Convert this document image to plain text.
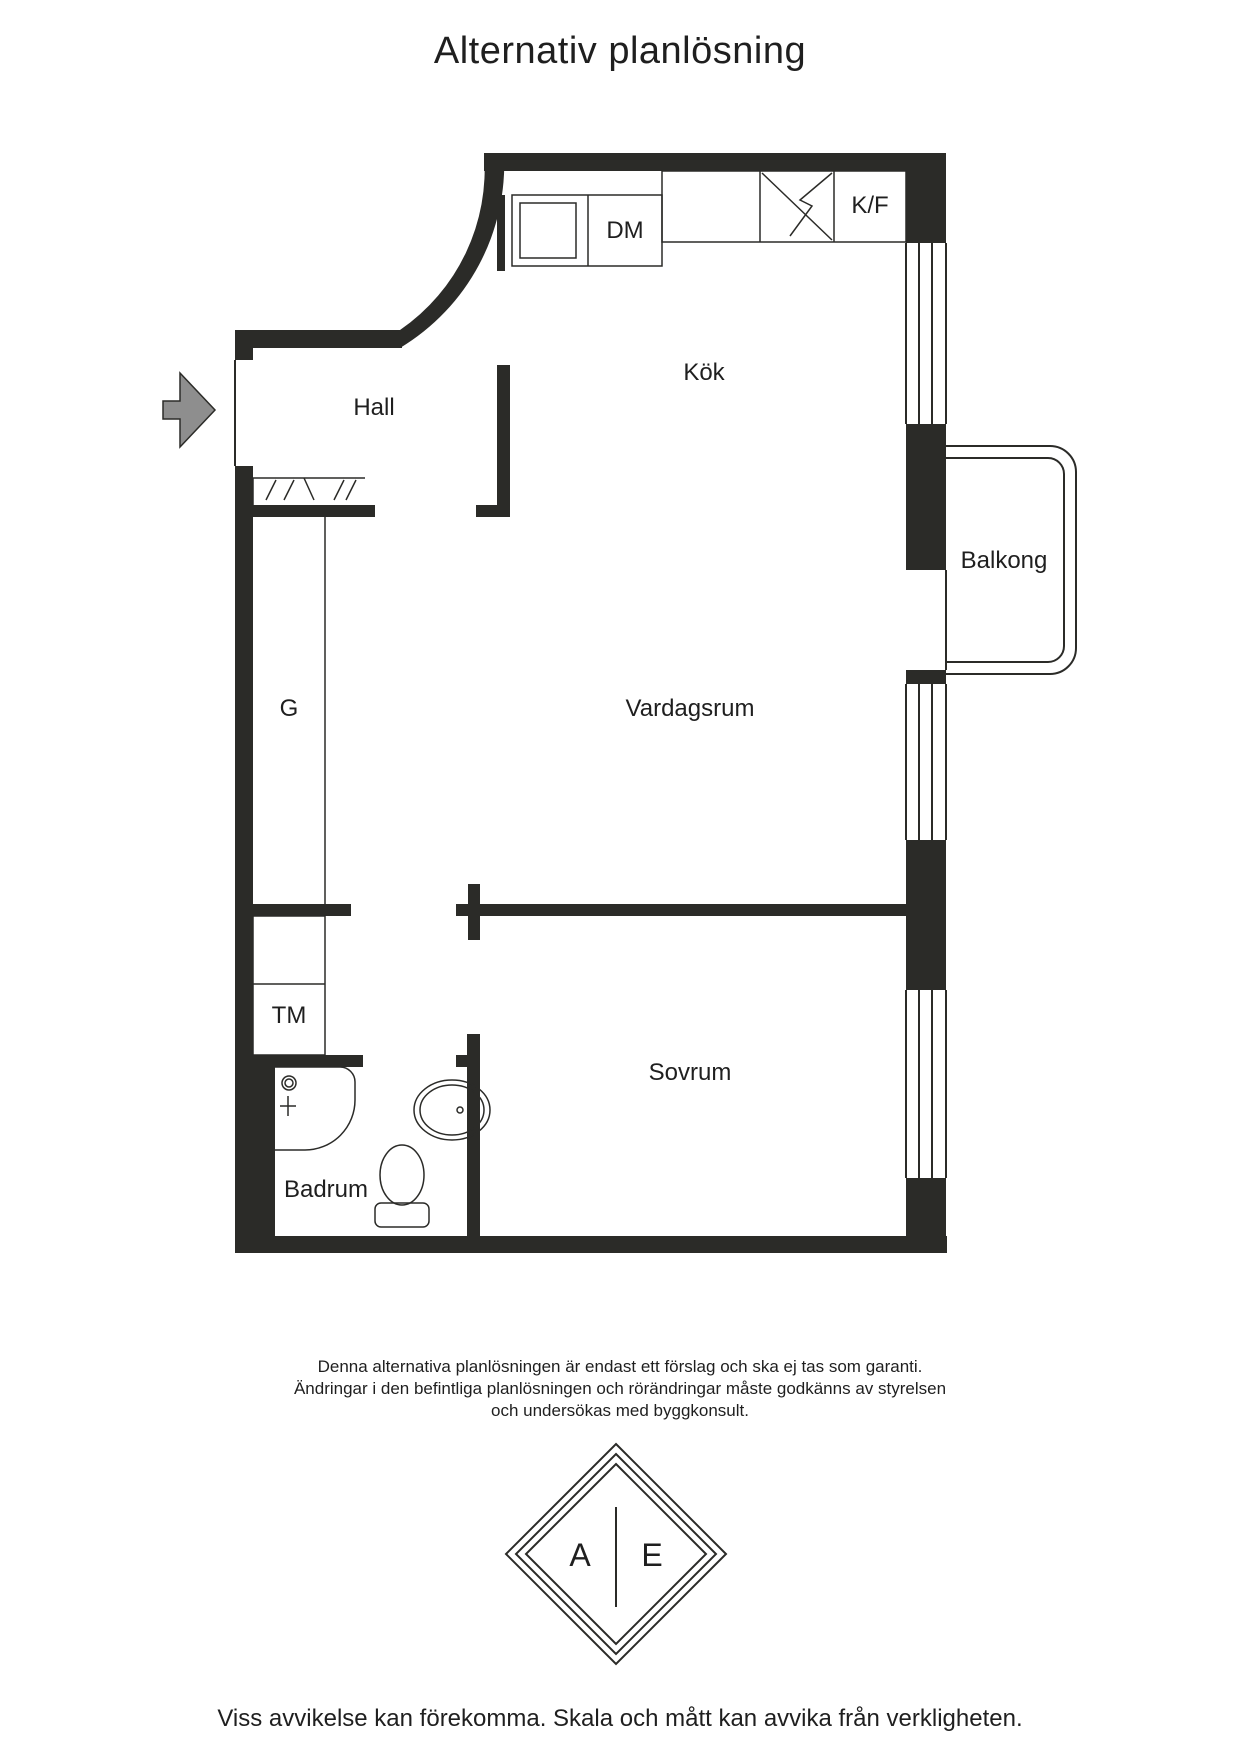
Alternativ planlösning
Hall
Kök
DM
K/F
Balkong
Vardagsrum
G
TM
Sovrum
Badrum
A E
Denna alternativa planlösningen är endast ett förslag och ska ej tas som garanti.
Ändringar i den befintliga planlösningen och rörändringar måste godkänns av styrelsen
och undersökas med byggkonsult.
Viss avvikelse kan förekomma. Skala och mått kan avvika från verkligheten.
